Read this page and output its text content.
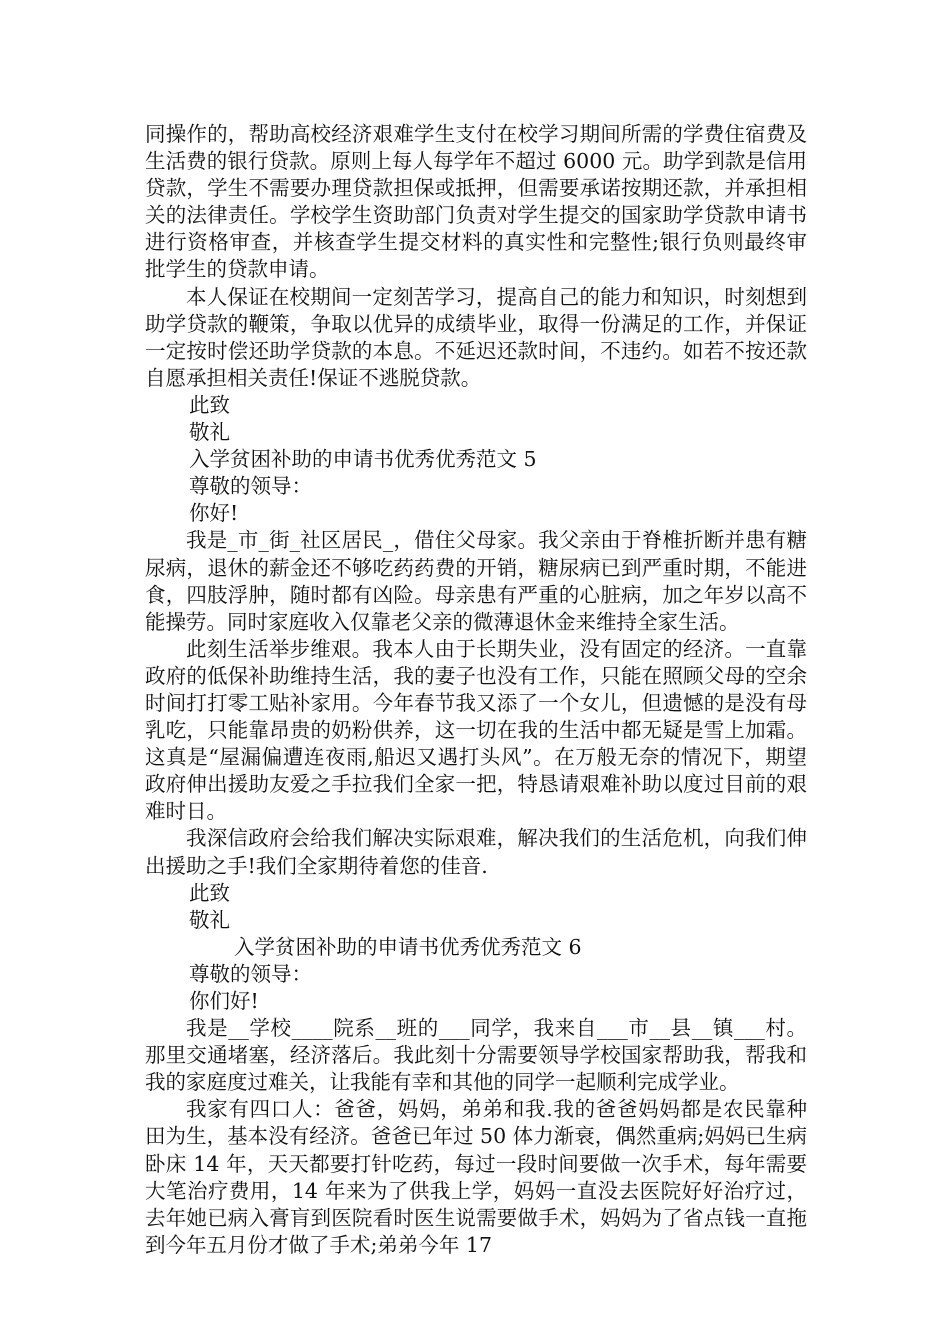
同操作的，帮助高校经济艰难学生支付在校学习期间所需的学费住宿费及生活费的银行贷款。原则上每人每学年不超过 6000 元。助学到款是信用贷款，学生不需要办理贷款担保或抵押，但需要承诺按期还款，并承担相关的法律责任。学校学生资助部门负责对学生提交的国家助学贷款申请书进行资格审查，并核查学生提交材料的真实性和完整性;银行负则最终审批学生的贷款申请。

本人保证在校期间一定刻苦学习，提高自己的能力和知识，时刻想到助学贷款的鞭策，争取以优异的成绩毕业，取得一份满足的工作，并保证一定按时偿还助学贷款的本息。不延迟还款时间，不违约。如若不按还款自愿承担相关责任!保证不逃脱贷款。

此致

敬礼

入学贫困补助的申请书优秀优秀范文 5

尊敬的领导：

你好!

我是_市_街_社区居民_，借住父母家。我父亲由于脊椎折断并患有糖尿病，退休的薪金还不够吃药药费的开销，糖尿病已到严重时期，不能进食，四肢浮肿，随时都有凶险。母亲患有严重的心脏病，加之年岁以高不能操劳。同时家庭收入仅靠老父亲的微薄退休金来维持全家生活。

此刻生活举步维艰。我本人由于长期失业，没有固定的经济。一直靠政府的低保补助维持生活，我的妻子也没有工作，只能在照顾父母的空余时间打打零工贴补家用。今年春节我又添了一个女儿，但遗憾的是没有母乳吃，只能靠昂贵的奶粉供养，这一切在我的生活中都无疑是雪上加霜。这真是“屋漏偏遭连夜雨,船迟又遇打头风”。在万般无奈的情况下，期望政府伸出援助友爱之手拉我们全家一把，特恳请艰难补助以度过目前的艰难时日。

我深信政府会给我们解决实际艰难，解决我们的生活危机，向我们伸出援助之手!我们全家期待着您的佳音.

此致

敬礼

入学贫困补助的申请书优秀优秀范文 6

尊敬的领导：

你们好!

我是__学校____院系__班的___同学，我来自___市__县__镇___村。那里交通堵塞，经济落后。我此刻十分需要领导学校国家帮助我，帮我和我的家庭度过难关，让我能有幸和其他的同学一起顺利完成学业。

我家有四口人：爸爸，妈妈，弟弟和我.我的爸爸妈妈都是农民靠种田为生，基本没有经济。爸爸已年过 50 体力渐衰，偶然重病;妈妈已生病卧床 14 年，天天都要打针吃药，每过一段时间要做一次手术，每年需要大笔治疗费用，14 年来为了供我上学，妈妈一直没去医院好好治疗过，去年她已病入膏肓到医院看时医生说需要做手术，妈妈为了省点钱一直拖到今年五月份才做了手术;弟弟今年 17
